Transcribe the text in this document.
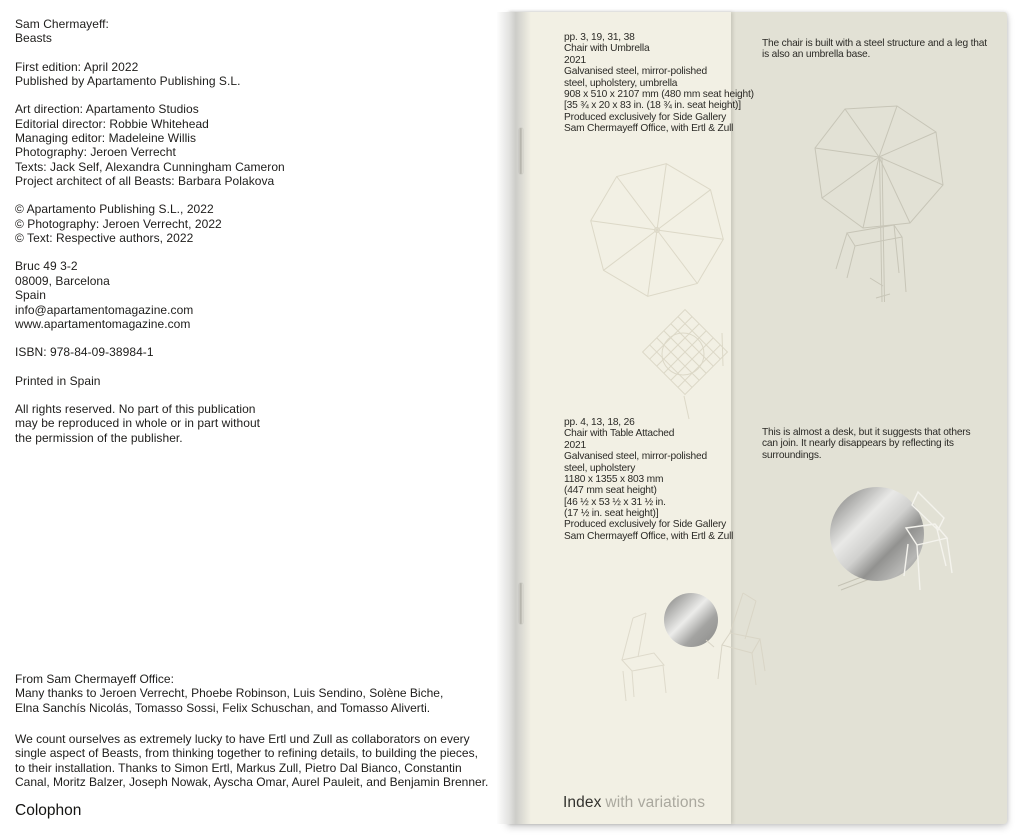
Sam Chermayeff:
Beasts
First edition: April 2022
Published by Apartamento Publishing S.L.
Art direction: Apartamento Studios
Editorial director: Robbie Whitehead
Managing editor: Madeleine Willis
Photography: Jeroen Verrecht
Texts: Jack Self, Alexandra Cunningham Cameron
Project architect of all Beasts: Barbara Polakova
© Apartamento Publishing S.L., 2022
© Photography: Jeroen Verrecht, 2022
© Text: Respective authors, 2022
Bruc 49 3-2
08009, Barcelona
Spain
info@apartamentomagazine.com
www.apartamentomagazine.com
ISBN: 978-84-09-38984-1
Printed in Spain
All rights reserved. No part of this publication
may be reproduced in whole or in part without
the permission of the publisher.
From Sam Chermayeff Office:
Many thanks to Jeroen Verrecht, Phoebe Robinson, Luis Sendino, Solène Biche,
Elna Sanchís Nicolás, Tomasso Sossi, Felix Schuschan, and Tomasso Aliverti.
We count ourselves as extremely lucky to have Ertl und Zull as collaborators on every
single aspect of Beasts, from thinking together to refining details, to building the pieces,
to their installation. Thanks to Simon Ertl, Markus Zull, Pietro Dal Bianco, Constantin
Canal, Moritz Balzer, Joseph Nowak, Ayscha Omar, Aurel Pauleit, and Benjamin Brenner.
Colophon
pp. 3, 19, 31, 38
Chair with Umbrella
2021
Galvanised steel, mirror-polished
steel, upholstery, umbrella
908 x 510 x 2107 mm (480 mm seat height)
[35 ¾ x 20 x 83 in. (18 ¾ in. seat height)]
Produced exclusively for Side Gallery
Sam Chermayeff Office, with Ertl & Zull
The chair is built with a steel structure and a leg that
is also an umbrella base.
pp. 4, 13, 18, 26
Chair with Table Attached
2021
Galvanised steel, mirror-polished
steel, upholstery
1180 x 1355 x 803 mm
(447 mm seat height)
[46 ½ x 53 ½ x 31 ½ in.
(17 ½ in. seat height)]
Produced exclusively for Side Gallery
Sam Chermayeff Office, with Ertl & Zull
This is almost a desk, but it suggests that others
can join. It nearly disappears by reflecting its
surroundings.
Index with variations
